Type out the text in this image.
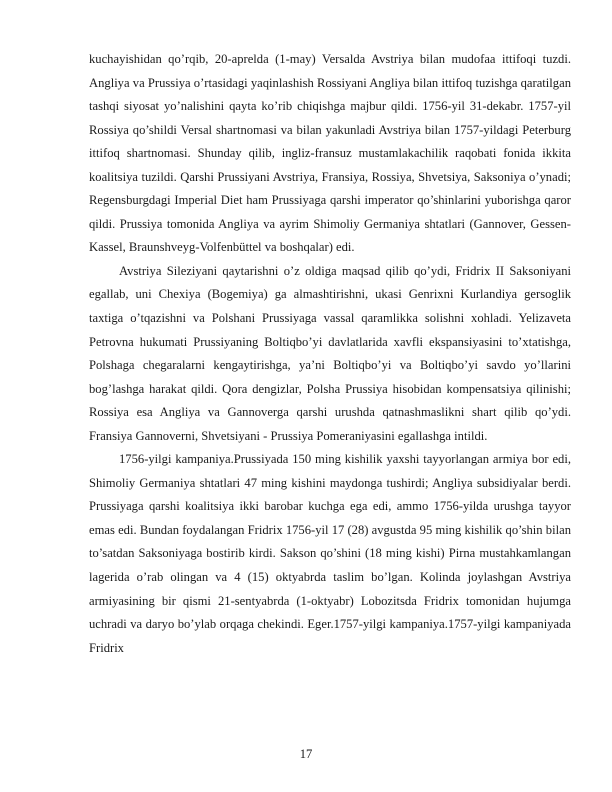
kuchayishidan qo’rqib, 20-aprelda (1-may) Versalda Avstriya bilan mudofaa ittifoqi tuzdi. Angliya va Prussiya o’rtasidagi yaqinlashish Rossiyani Angliya bilan ittifoq tuzishga qaratilgan tashqi siyosat yo’nalishini qayta ko’rib chiqishga majbur qildi. 1756-yil 31-dekabr. 1757-yil Rossiya qo’shildi Versal shartnomasi va bilan yakunladi Avstriya bilan 1757-yildagi Peterburg ittifoq shartnomasi. Shunday qilib, ingliz-fransuz mustamlakachilik raqobati fonida ikkita koalitsiya tuzildi. Qarshi Prussiyani Avstriya, Fransiya, Rossiya, Shvetsiya, Saksoniya o’ynadi; Regensburgdagi Imperial Diet ham Prussiyaga qarshi imperator qo’shinlarini yuborishga qaror qildi. Prussiya tomonida Angliya va ayrim Shimoliy Germaniya shtatlari (Gannover, Gessen-Kassel, Braunshveyg-Volfenbüttel va boshqalar) edi.

Avstriya Sileziyani qaytarishni o’z oldiga maqsad qilib qo’ydi, Fridrix II Saksoniyani egallab, uni Chexiya (Bogemiya) ga almashtirishni, ukasi Genrixni Kurlandiya gersoglik taxtiga o’tqazishni va Polshani Prussiyaga vassal qaramlikka solishni xohladi. Yelizaveta Petrovna hukumati Prussiyaning Boltiqbo’yi davlatlarida xavfli ekspansiyasini to’xtatishga, Polshaga chegaralarni kengaytirishga, ya’ni Boltiqbo’yi va Boltiqbo’yi savdo yo’llarini bog’lashga harakat qildi. Qora dengizlar, Polsha Prussiya hisobidan kompensatsiya qilinishi; Rossiya esa Angliya va Gannoverga qarshi urushda qatnashmaslikni shart qilib qo’ydi. Fransiya Gannoverni, Shvetsiyani - Prussiya Pomeraniyasini egallashga intildi.

1756-yilgi kampaniya.Prussiyada 150 ming kishilik yaxshi tayyorlangan armiya bor edi, Shimoliy Germaniya shtatlari 47 ming kishini maydonga tushirdi; Angliya subsidiyalar berdi. Prussiyaga qarshi koalitsiya ikki barobar kuchga ega edi, ammo 1756-yilda urushga tayyor emas edi. Bundan foydalangan Fridrix 1756-yil 17 (28) avgustda 95 ming kishilik qo’shin bilan to’satdan Saksoniyaga bostirib kirdi. Sakson qo’shini (18 ming kishi) Pirna mustahkamlangan lagerida o’rab olingan va 4 (15) oktyabrda taslim bo’lgan. Kolinda joylashgan Avstriya armiyasining bir qismi 21-sentyabrda (1-oktyabr) Lobozitsda Fridrix tomonidan hujumga uchradi va daryo bo’ylab orqaga chekindi. Eger.1757-yilgi kampaniya.1757-yilgi kampaniyada Fridrix

17
